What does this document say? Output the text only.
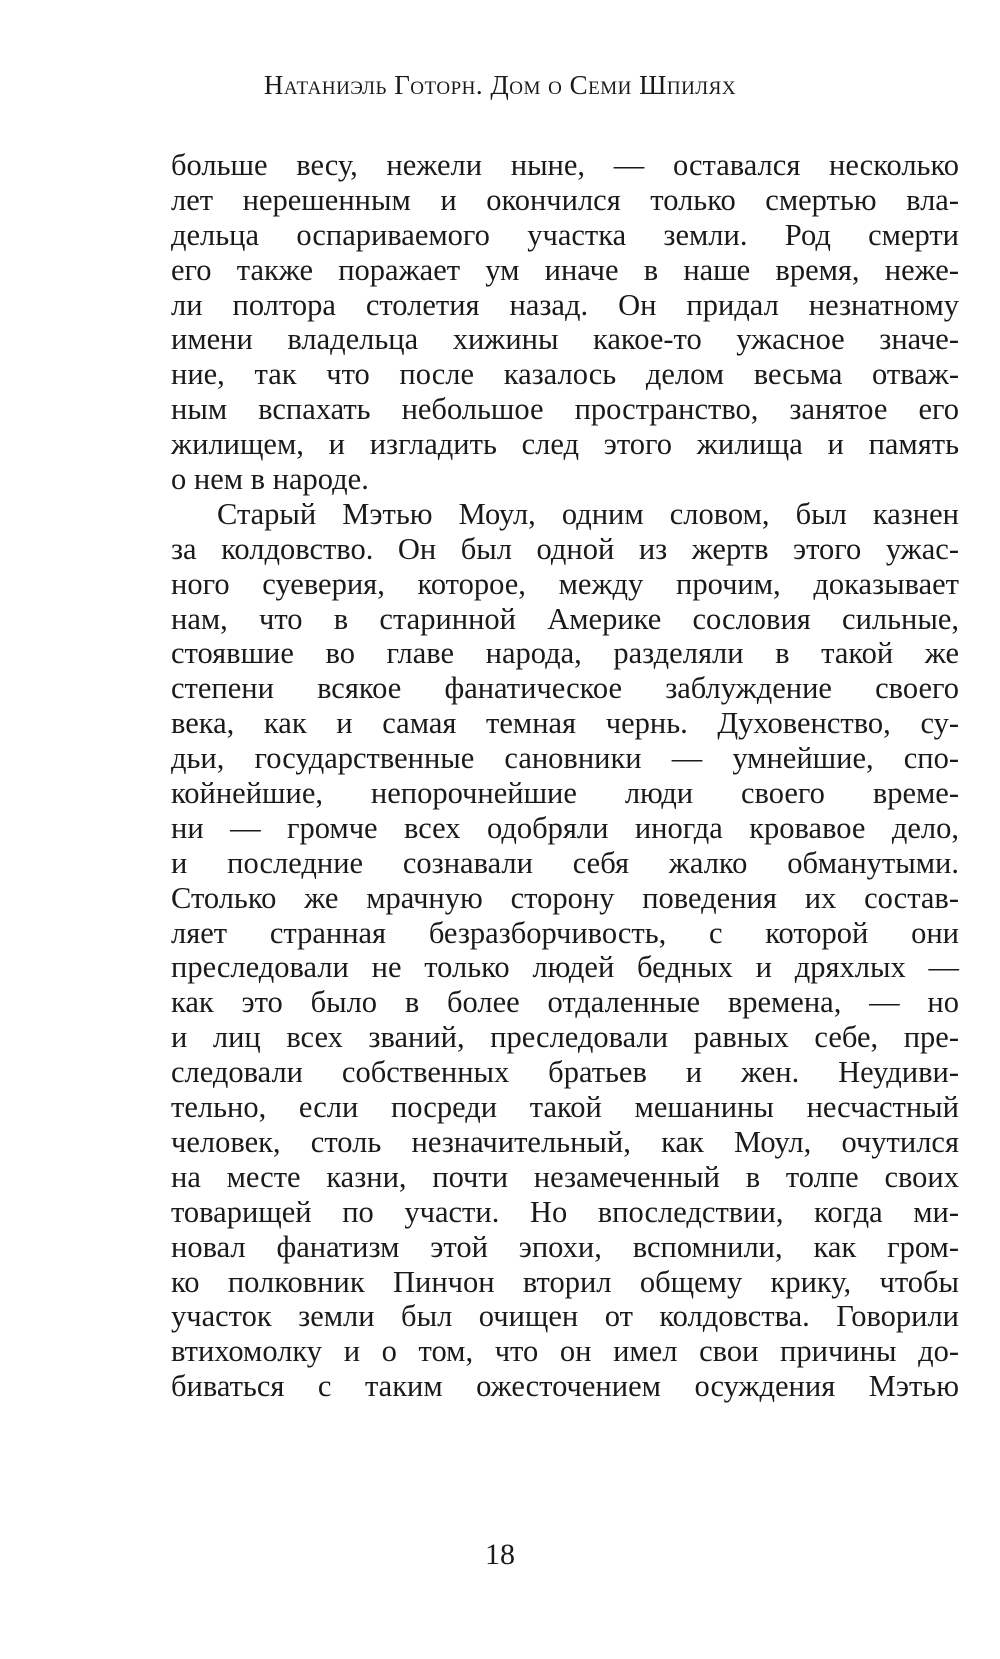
Натаниэль Готорн. Дом о Семи Шпилях
больше весу, нежели ныне, — оставался несколько
лет нерешенным и окончился только смертью вла-
дельца оспариваемого участка земли. Род смерти
его также поражает ум иначе в наше время, неже-
ли полтора столетия назад. Он придал незнатному
имени владельца хижины какое-то ужасное значе-
ние, так что после казалось делом весьма отваж-
ным вспахать небольшое пространство, занятое его
жилищем, и изгладить след этого жилища и память
о нем в народе.
Старый Мэтью Моул, одним словом, был казнен
за колдовство. Он был одной из жертв этого ужас-
ного суеверия, которое, между прочим, доказывает
нам, что в старинной Америке сословия сильные,
стоявшие во главе народа, разделяли в такой же
степени всякое фанатическое заблуждение своего
века, как и самая темная чернь. Духовенство, су-
дьи, государственные сановники — умнейшие, спо-
койнейшие, непорочнейшие люди своего време-
ни — громче всех одобряли иногда кровавое дело,
и последние сознавали себя жалко обманутыми.
Столько же мрачную сторону поведения их состав-
ляет странная безразборчивость, с которой они
преследовали не только людей бедных и дряхлых —
как это было в более отдаленные времена, — но
и лиц всех званий, преследовали равных себе, пре-
следовали собственных братьев и жен. Неудиви-
тельно, если посреди такой мешанины несчастный
человек, столь незначительный, как Моул, очутился
на месте казни, почти незамеченный в толпе своих
товарищей по участи. Но впоследствии, когда ми-
новал фанатизм этой эпохи, вспомнили, как гром-
ко полковник Пинчон вторил общему крику, чтобы
участок земли был очищен от колдовства. Говорили
втихомолку и о том, что он имел свои причины до-
биваться с таким ожесточением осуждения Мэтью
18
